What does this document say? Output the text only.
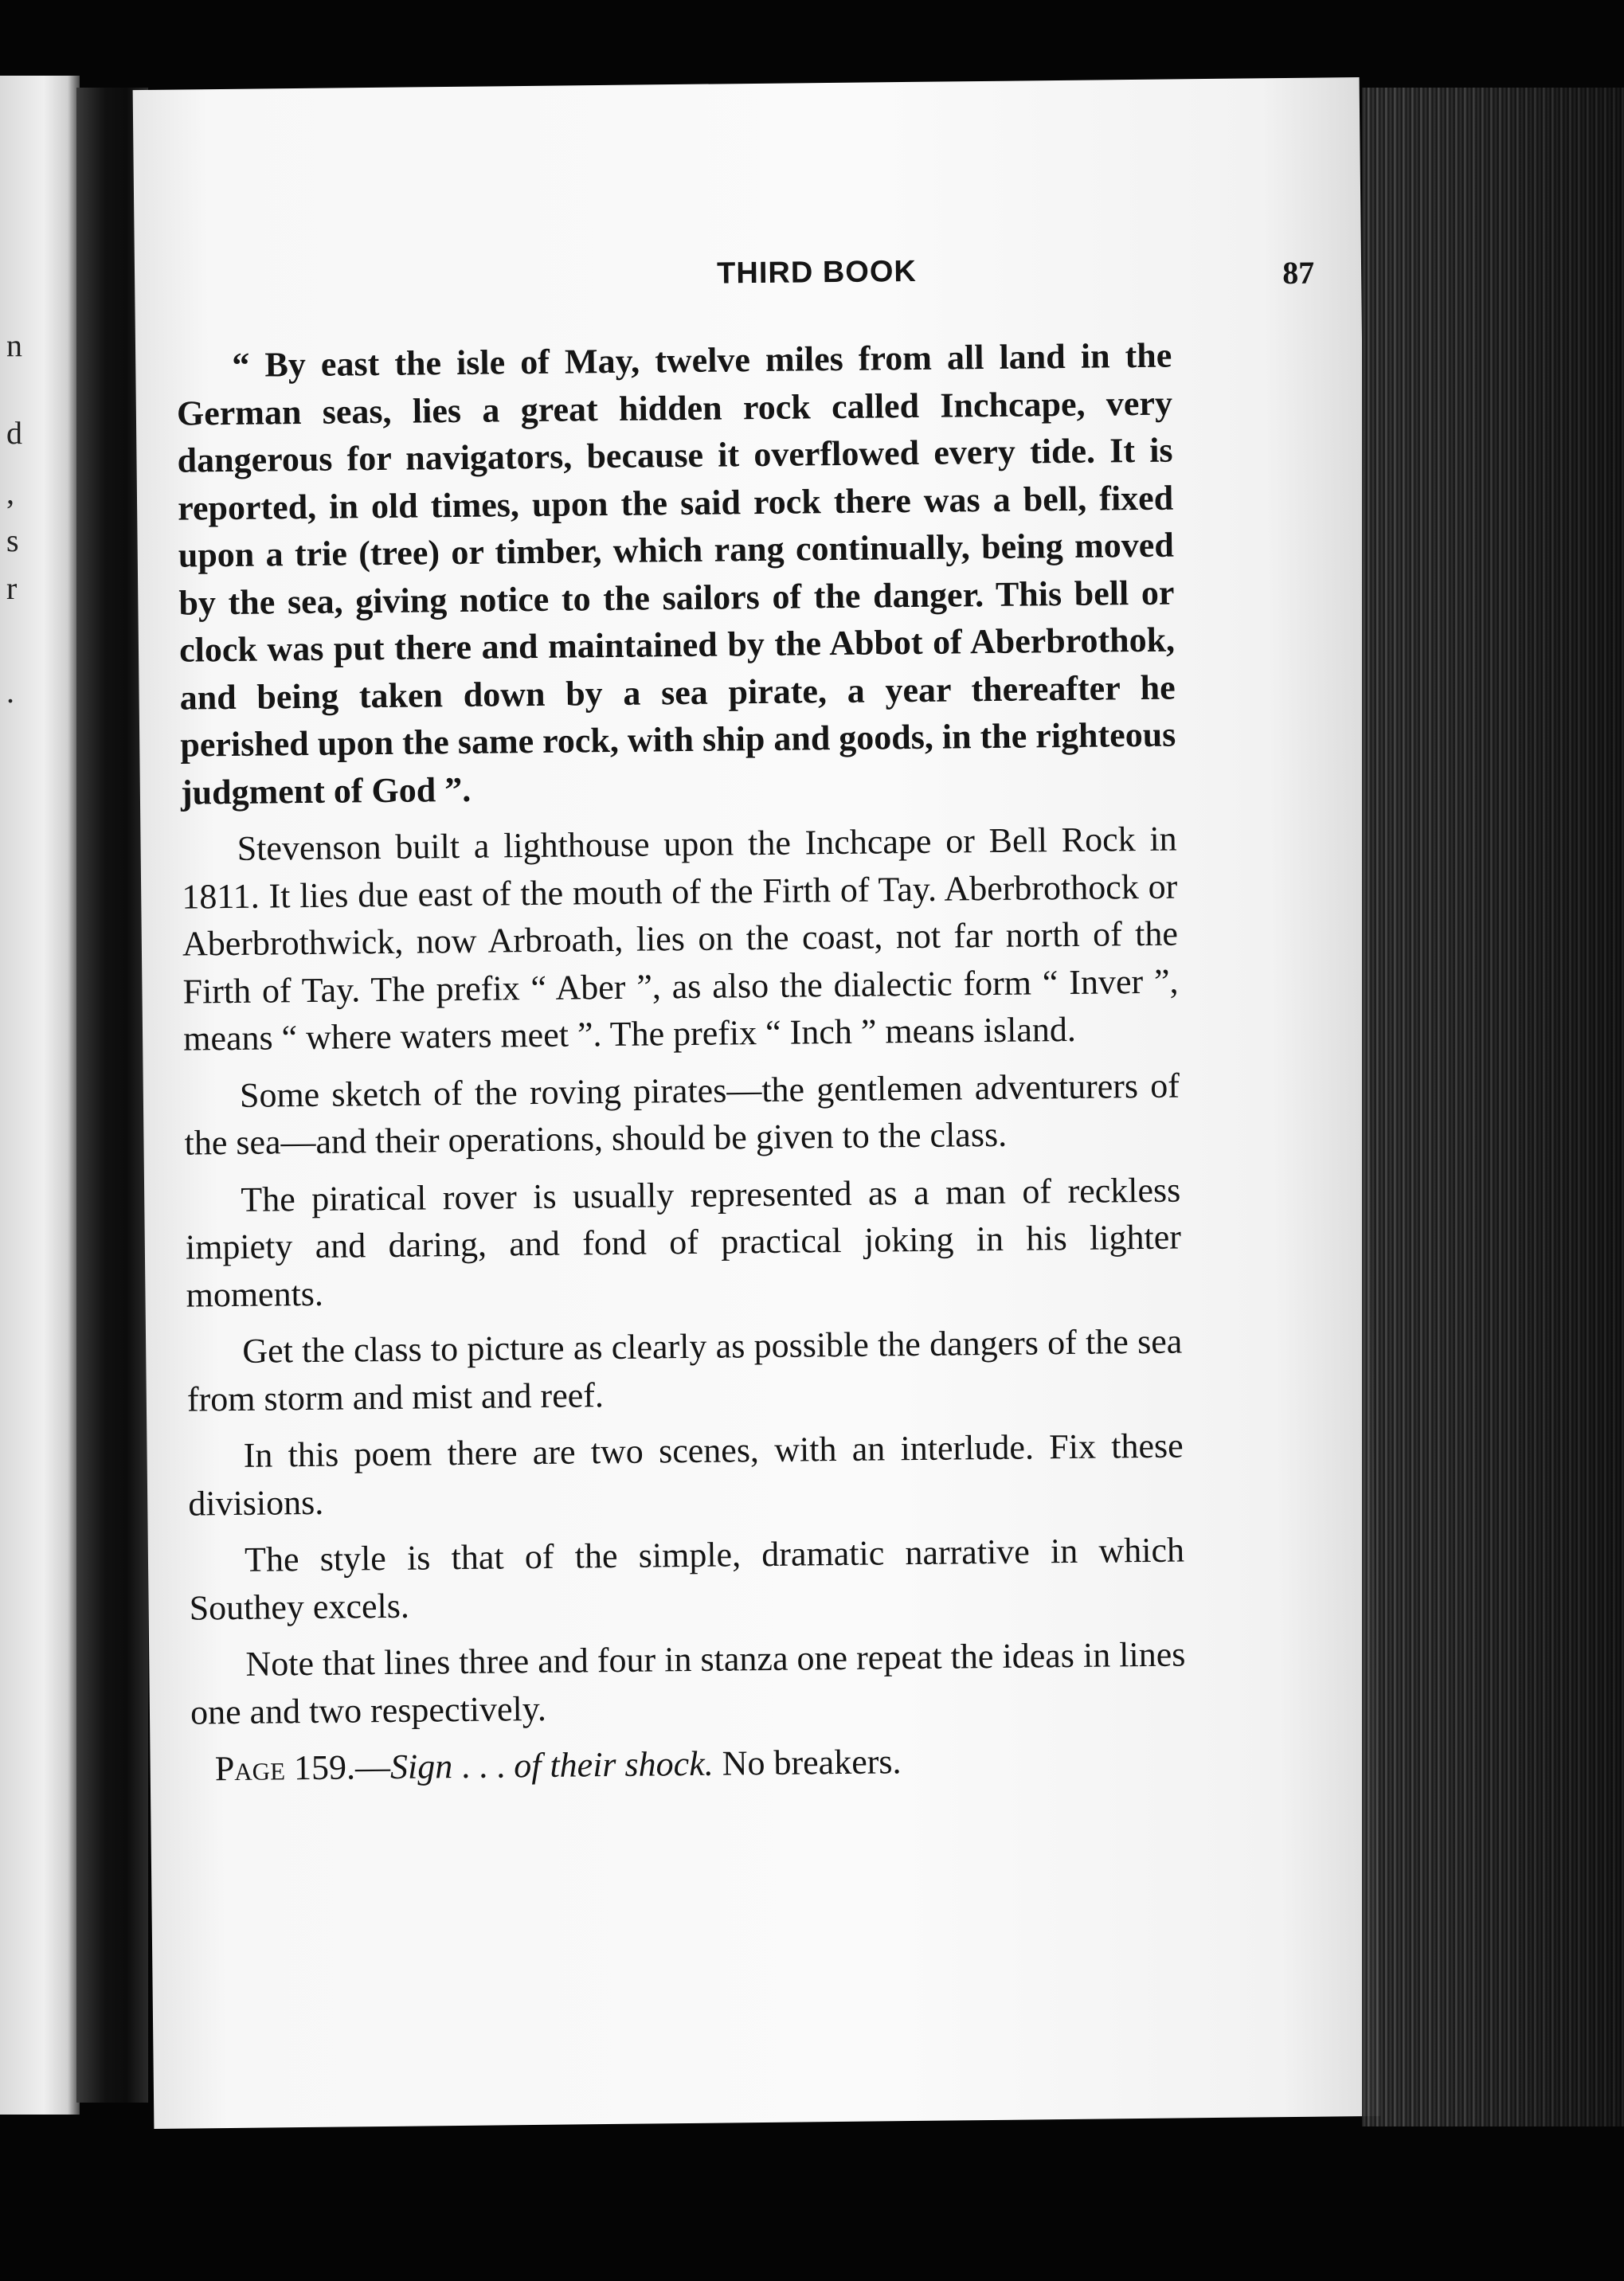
n
d
,
s
r
.
THIRD BOOK	87

“ By east the isle of May, twelve miles from all land in the German seas, lies a great hidden rock called Inchcape, very dangerous for navigators, because it overflowed every tide. It is reported, in old times, upon the said rock there was a bell, fixed upon a trie (tree) or timber, which rang continually, being moved by the sea, giving notice to the sailors of the danger. This bell or clock was put there and maintained by the Abbot of Aberbrothok, and being taken down by a sea pirate, a year thereafter he perished upon the same rock, with ship and goods, in the righteous judgment of God ”.

Stevenson built a lighthouse upon the Inchcape or Bell Rock in 1811. It lies due east of the mouth of the Firth of Tay. Aberbrothock or Aberbrothwick, now Arbroath, lies on the coast, not far north of the Firth of Tay. The prefix “ Aber ”, as also the dialectic form “ Inver ”, means “ where waters meet ”. The prefix “ Inch ” means island.

Some sketch of the roving pirates—the gentlemen adventurers of the sea—and their operations, should be given to the class.

The piratical rover is usually represented as a man of reckless impiety and daring, and fond of practical joking in his lighter moments.

Get the class to picture as clearly as possible the dangers of the sea from storm and mist and reef.

In this poem there are two scenes, with an interlude. Fix these divisions.

The style is that of the simple, dramatic narrative in which Southey excels.

Note that lines three and four in stanza one repeat the ideas in lines one and two respectively.

Page 159.—Sign . . . of their shock. No breakers.
